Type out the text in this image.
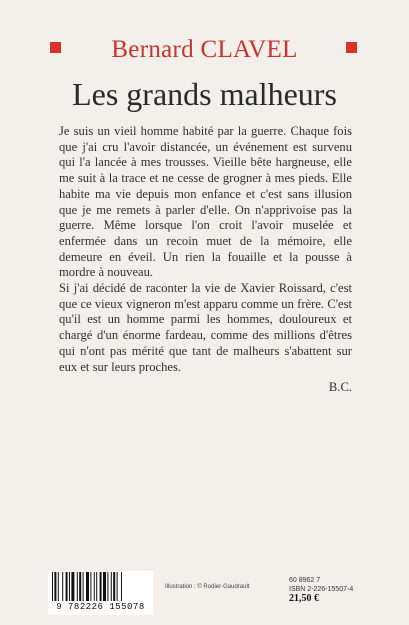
Bernard CLAVEL
Les grands malheurs

Je suis un vieil homme habité par la guerre. Chaque fois que j'ai cru l'avoir distancée, un événement est survenu qui l'a lancée à mes trousses. Vieille bête hargneuse, elle me suit à la trace et ne cesse de grogner à mes pieds. Elle habite ma vie depuis mon enfance et c'est sans illusion que je me remets à parler d'elle. On n'apprivoise pas la guerre. Même lorsque l'on croit l'avoir muselée et enfermée dans un recoin muet de la mémoire, elle demeure en éveil. Un rien la fouaille et la pousse à mordre à nouveau.

Si j'ai décidé de raconter la vie de Xavier Roissard, c'est que ce vieux vigneron m'est apparu comme un frère. C'est qu'il est un homme parmi les hommes, douloureux et chargé d'un énorme fardeau, comme des millions d'êtres qui n'ont pas mérité que tant de malheurs s'abattent sur eux et sur leurs proches.

B.C.
9 782226 155078
Illustration : © Rodier-Gaudrault
60 8962 7
ISBN 2-226-15507-4
21,50 €
